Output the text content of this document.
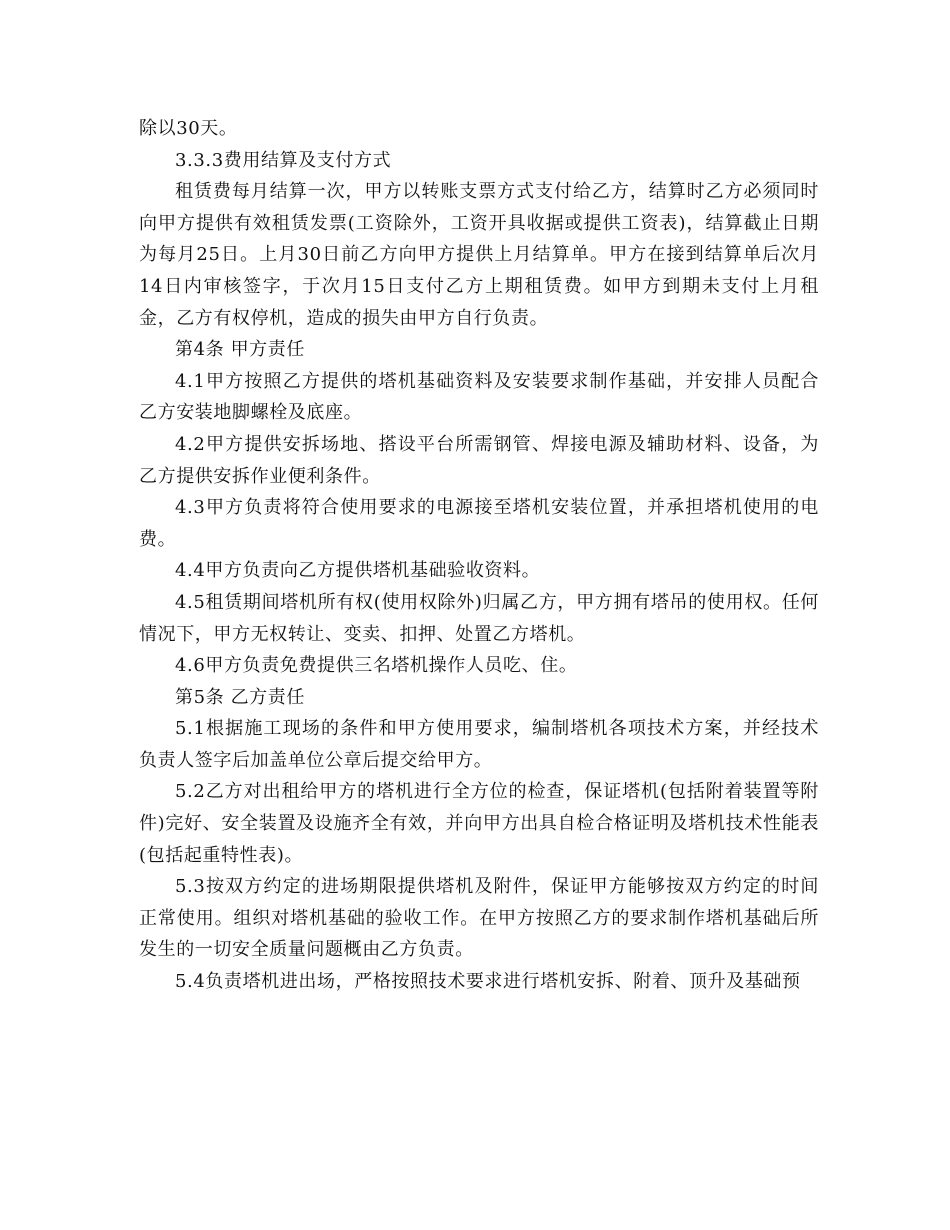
除以30天。

3.3.3费用结算及支付方式

租赁费每月结算一次，甲方以转账支票方式支付给乙方，结算时乙方必须同时向甲方提供有效租赁发票(工资除外，工资开具收据或提供工资表)，结算截止日期为每月25日。上月30日前乙方向甲方提供上月结算单。甲方在接到结算单后次月14日内审核签字，于次月15日支付乙方上期租赁费。如甲方到期未支付上月租金，乙方有权停机，造成的损失由甲方自行负责。

第4条 甲方责任

4.1甲方按照乙方提供的塔机基础资料及安装要求制作基础，并安排人员配合乙方安装地脚螺栓及底座。

4.2甲方提供安拆场地、搭设平台所需钢管、焊接电源及辅助材料、设备，为乙方提供安拆作业便利条件。

4.3甲方负责将符合使用要求的电源接至塔机安装位置，并承担塔机使用的电费。

4.4甲方负责向乙方提供塔机基础验收资料。

4.5租赁期间塔机所有权(使用权除外)归属乙方，甲方拥有塔吊的使用权。任何情况下，甲方无权转让、变卖、扣押、处置乙方塔机。

4.6甲方负责免费提供三名塔机操作人员吃、住。

第5条 乙方责任

5.1根据施工现场的条件和甲方使用要求，编制塔机各项技术方案，并经技术负责人签字后加盖单位公章后提交给甲方。

5.2乙方对出租给甲方的塔机进行全方位的检查，保证塔机(包括附着装置等附件)完好、安全装置及设施齐全有效，并向甲方出具自检合格证明及塔机技术性能表(包括起重特性表)。

5.3按双方约定的进场期限提供塔机及附件，保证甲方能够按双方约定的时间正常使用。组织对塔机基础的验收工作。在甲方按照乙方的要求制作塔机基础后所发生的一切安全质量问题概由乙方负责。

5.4负责塔机进出场，严格按照技术要求进行塔机安拆、附着、顶升及基础预
